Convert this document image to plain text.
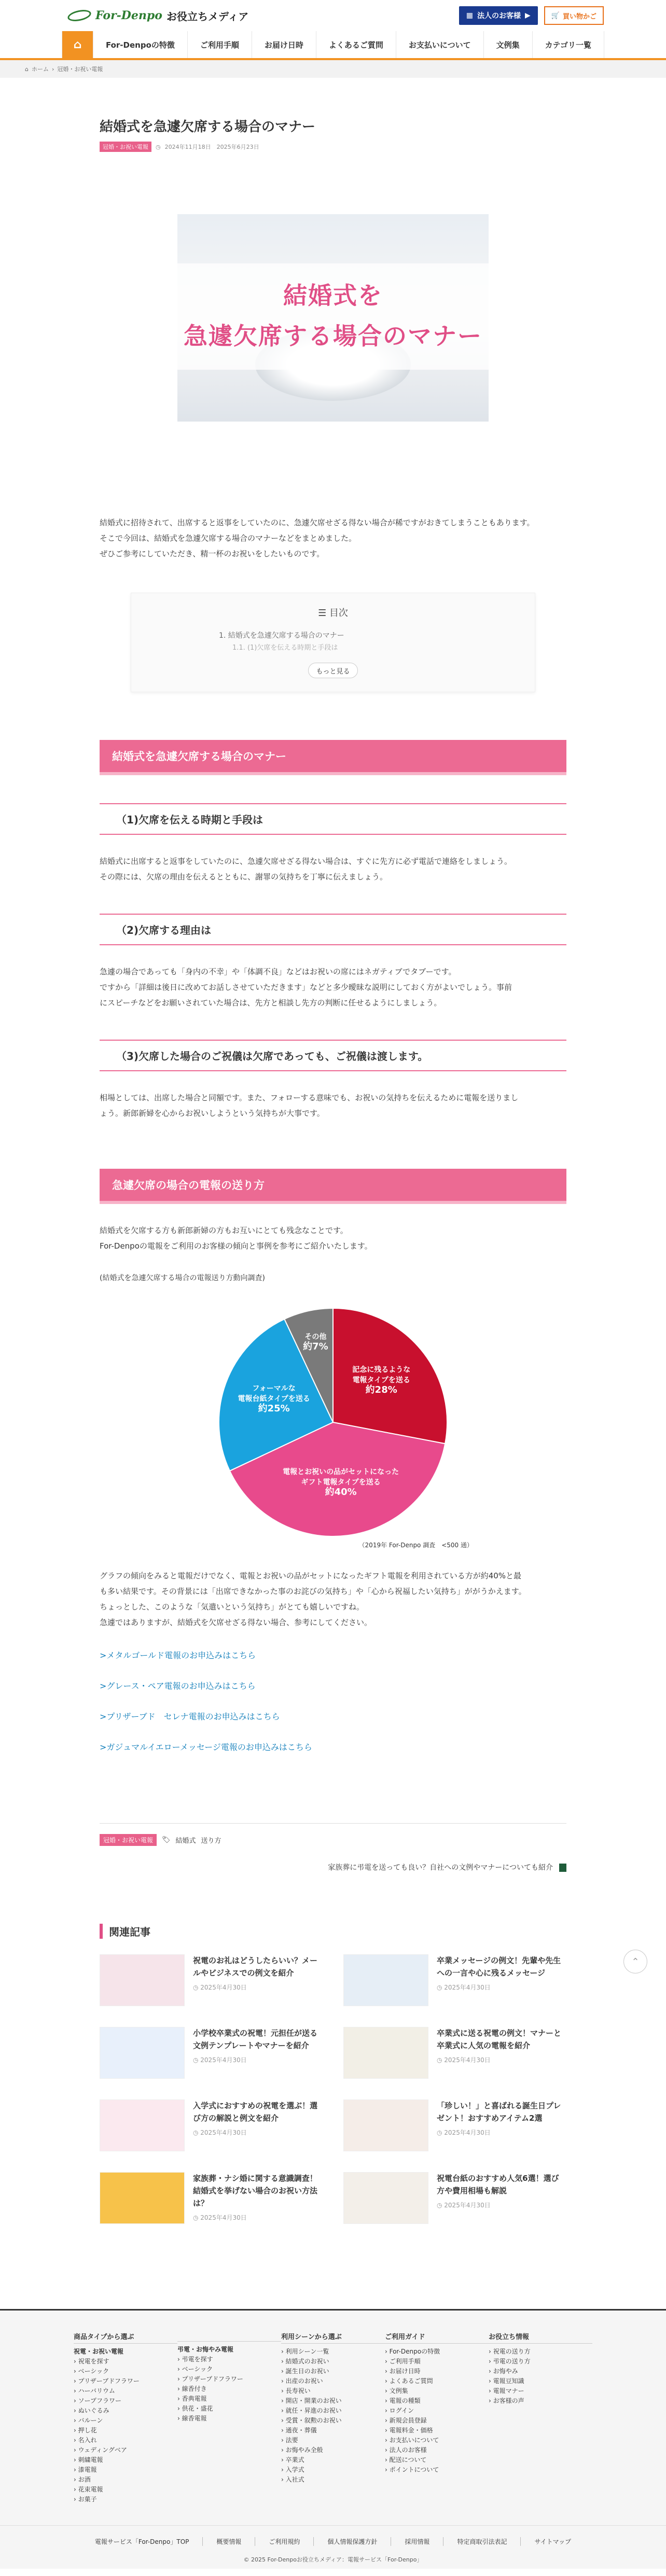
For-Denpo お役立ちメディア	▦ 法人のお客様 ▶	🛒 買い物かご
⌂	For-Denpoの特徴	ご利用手順	お届け日時	よくあるご質問	お支払いについて	文例集	カテゴリ一覧
⌂ ホーム › 冠婚・お祝い電報
結婚式を急遽欠席する場合のマナー
冠婚・お祝い電報	◷ 2024年11月18日　2025年6月23日
結婚式を
急遽欠席する場合のマナー
結婚式に招待されて、出席すると返事をしていたのに、急遽欠席せざる得ない場合が稀ですがおきてしまうこともあります。
そこで今回は、結婚式を急遽欠席する場合のマナーなどをまとめました。
ぜひご参考にしていただき、精一杯のお祝いをしたいものです。
☰ 目次
1. 結婚式を急遽欠席する場合のマナー
1.1. (1)欠席を伝える時期と手段は
もっと見る
結婚式を急遽欠席する場合のマナー
（1)欠席を伝える時期と手段は

結婚式に出席すると返事をしていたのに、急遽欠席せざる得ない場合は、すぐに先方に必ず電話で連絡をしましょう。
その際には、欠席の理由を伝えるとともに、謝罪の気持ちを丁寧に伝えましょう。

（2)欠席する理由は

急遽の場合であっても「身内の不幸」や「体調不良」などはお祝いの席にはネガティブでタブーです。
ですから「詳細は後日に改めてお話しさせていただきます」などと多少曖昧な説明にしておく方がよいでしょう。事前
にスピーチなどをお願いされていた場合は、先方と相談し先方の判断に任せるようにしましょう。

（3)欠席した場合のご祝儀は欠席であっても、ご祝儀は渡します。

相場としては、出席した場合と同額です。また、フォローする意味でも、お祝いの気持ちを伝えるために電報を送りまし
ょう。新郎新婦を心からお祝いしようという気持ちが大事です。

急遽欠席の場合の電報の送り方

結婚式を欠席する方も新郎新婦の方もお互いにとても残念なことです。
For-Denpoの電報をご利用のお客様の傾向と事例を参考にご紹介いたします。

(結婚式を急遽欠席する場合の電報送り方動向調査)
記念に残るような
電報タイプを送る
約28%
電報とお祝いの品がセットになった
ギフト電報タイプを送る
約40%
フォーマルな
電報台紙タイプを送る
約25%
その他
約7%
（2019年 For-Denpo 調査　<500 通）

グラフの傾向をみると電報だけでなく、電報とお祝いの品がセットになったギフト電報を利用されている方が約40%と最
も多い結果です。その背景には「出席できなかった事のお詫びの気持ち」や「心から祝福したい気持ち」ががうかえます。
ちょっとした、このような「気遣いという気持ち」がとても嬉しいですね。
急遽ではありますが、結婚式を欠席せざる得ない場合、参考にしてください。

>メタルゴールド電報のお申込みはこちら
>グレース・ペア電報のお申込みはこちら
>プリザーブド　セレナ電報のお申込みはこちら
>ガジュマルイエローメッセージ電報のお申込みはこちら
冠婚・お祝い電報	🏷 結婚式 送り方
家族葬に弔電を送っても良い？自社への文例やマナーについても紹介
関連記事
祝電のお礼はどうしたらいい？メールやビジネスでの例文を紹介
◷ 2025年4月30日
卒業メッセージの例文！先輩や先生への一言や心に残るメッセージ
◷ 2025年4月30日
小学校卒業式の祝電！元担任が送る文例テンプレートやマナーを紹介
◷ 2025年4月30日
卒業式に送る祝電の例文！マナーと卒業式に人気の電報を紹介
◷ 2025年4月30日
入学式におすすめの祝電を選ぶ！選び方の解説と例文を紹介
◷ 2025年4月30日
「珍しい！」と喜ばれる誕生日プレゼント！おすすめアイテム2選
◷ 2025年4月30日
家族葬・ナシ婚に関する意識調査！結婚式を挙げない場合のお祝い方法は？
◷ 2025年4月30日
祝電台紙のおすすめ人気6選！選び方や費用相場も解説
◷ 2025年4月30日
⌃
商品タイプから選ぶ
祝電・お祝い電報
› 祝電を探す
› ベーシック
› プリザーブドフラワー
› ハーバリウム
› ソープフラワー
› ぬいぐるみ
› バルーン
› 押し花
› 名入れ
› ウェディングベア
› 刺繍電報
› 漆電報
› お酒
› 花束電報
› お菓子

弔電・お悔やみ電報
› 弔電を探す
› ベーシック
› プリザーブドフラワー
› 線香付き
› 香典電報
› 供花・盛花
› 線香電報
利用シーンから選ぶ
› 利用シーン一覧
› 結婚式のお祝い
› 誕生日のお祝い
› 出産のお祝い
› 長寿祝い
› 開店・開業のお祝い
› 就任・昇進のお祝い
› 受賞・叙勲のお祝い
› 通夜・葬儀
› 法要
› お悔やみ全般
› 卒業式
› 入学式
› 入社式
ご利用ガイド
› For-Denpoの特徴
› ご利用手順
› お届け日時
› よくあるご質問
› 文例集
› 電報の種類
› ログイン
› 新規会員登録
› 電報料金・価格
› お支払いについて
› 法人のお客様
› 配送について
› ポイントについて
お役立ち情報
› 祝電の送り方
› 弔電の送り方
› お悔やみ
› 電報豆知識
› 電報マナー
› お客様の声
電報サービス「For-Denpo」TOP	概要情報	ご利用規約	個人情報保護方針	採用情報	特定商取引法表記	サイトマップ
© 2025 For-Denpoお役立ちメディア：電報サービス「For-Denpo」
